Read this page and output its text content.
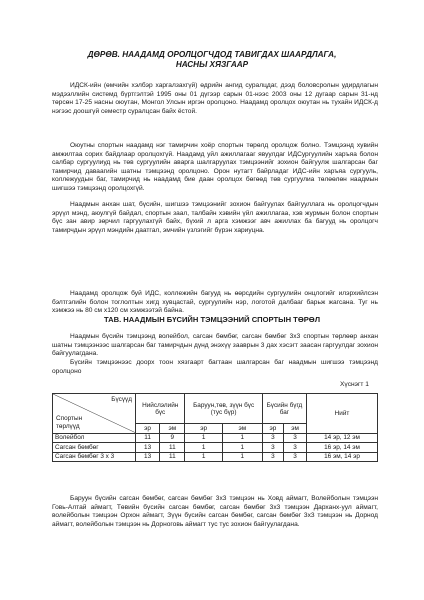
ДӨРӨВ. НААДАМД ОРОЛЦОГЧДОД ТАВИГДАХ ШААРДЛАГА,
НАСНЫ ХЯЗГААР

ИДСК-ийн (өмчийн хэлбэр харгалзахгүй) өдрийн ангид суралцдаг, дээд боловсролын удирдлагын мэдээллийн системд бүртгэлтэй 1995 оны 01 дүгээр сарын 01-нээс 2003 оны 12 дугаар сарын 31-нд төрсөн 17-25 насны оюутан, Монгол Улсын иргэн оролцоно. Наадамд оролцох оюутан нь тухайн ИДСК-д нэгээс доошгүй семестр суралцсан байх ёстой.

Оюутны спортын наадамд нэг тамирчин хоёр спортын төрөлд оролцож болно. Тэмцээнд хувийн амжилтаа сорих байдлаар оролцохгүй. Наадамд уйл ажиллагааг явуулдаг ИДСургуулийн харъяа болон салбар сургуулиуд нь төв сургуулийн аварга шалгаруулах тэмцээнийг зохион байгуулж шалгарсан баг тамирчид даваагийн шатны тэмцээнд оролцоно. Орон нутагт байрладаг ИДС-ийн харъяа сургууль, коллежуудын баг, тамирчид нь наадамд бие даан оролцох бөгөөд төв сургуулиа төлөөлөн наадмын шигшээ тэмцээнд оролцохгүй.

Наадмын анхан шат, бүсийн, шигшээ тэмцээнийг зохион байгуулах байгууллага нь оролцогчдын эрүүл мэнд, аюулгүй байдал, спортын заал, талбайн хэвийн үйл ажиллагаа, хэв журмын болон спортын бүс зан авир зөрчил гаргуулахгүй байх, бүхий л арга хэмжээг авч ажиллах ба багууд нь оролцогч тамирчдын эрүүл мэндийн даатгал, эмчийн үзлэгийг бүрэн хариуцна.

Наадамд оролцож буй ИДС, коллежийн багууд нь өөрсдийн сургуулийн онцлогийг илэрхийлсэн бэлтгэлийн болон тоглолтын хигд хувцастай, сургуулийн нэр, логотой далбааг барьж жагсана. Туг нь хэмжээ нь 80 см х120 см хэмжээтэй байна.

ТАВ. НААДМЫН БҮСИЙН ТЭМЦЭЭНИЙ СПОРТЫН ТӨРӨЛ

Наадмын бүсийн тэмцээнд волейбол, сагсан бөмбөг, сагсан бөмбөг 3х3 спортын төрлөөр анхан шатны тэмцээнээс шалгарсан баг тамирчдын дүнд энэхүү зааврын 3 дах хэсэгт заасан гаргуулдаг зохион байгуулагдана.

Бүсийн тэмцээнээс доорх тоон хязгаарт багтаан шалгарсан баг наадмын шигшээ тэмцээнд оролцоно

Хүснэгт 1
Бүсүүд
Спортын төрлүүд	Нийслэлийн бүс		Баруун,төв, зүүн бүс (тус бүр)		Бүсийн бүгд баг		Нийт
	эр	эм	эр	эм	эр	эм	
Волейбол	11	9	1	1	3	3	14 эр, 12 эм
Сагсан бөмбөг	13	11	1	1	3	3	16 эр, 14 эм
Сагсан бөмбөг 3 х 3	13	11	1	1	3	3	16 эм, 14 эр

Баруун бүсийн сагсан бөмбөг, сагсан бөмбөг 3х3 тэмцээн нь Ховд аймагт, Волейболын тэмцээн Говь-Алтай аймагт, Төвийн бүсийн сагсан бөмбөг, сагсан бөмбөг 3х3 тэмцээн Дарханх-уул аймагт, волейболын тэмцээн Орхон аймагт, Зүүн бүсийн сагсан бөмбөг, сагсан бөмбөг 3х3 тэмцээн нь Дорнод аймагт, волейболын тэмцээн нь Дорноговь аймагт тус тус зохион байгуулагдана.
